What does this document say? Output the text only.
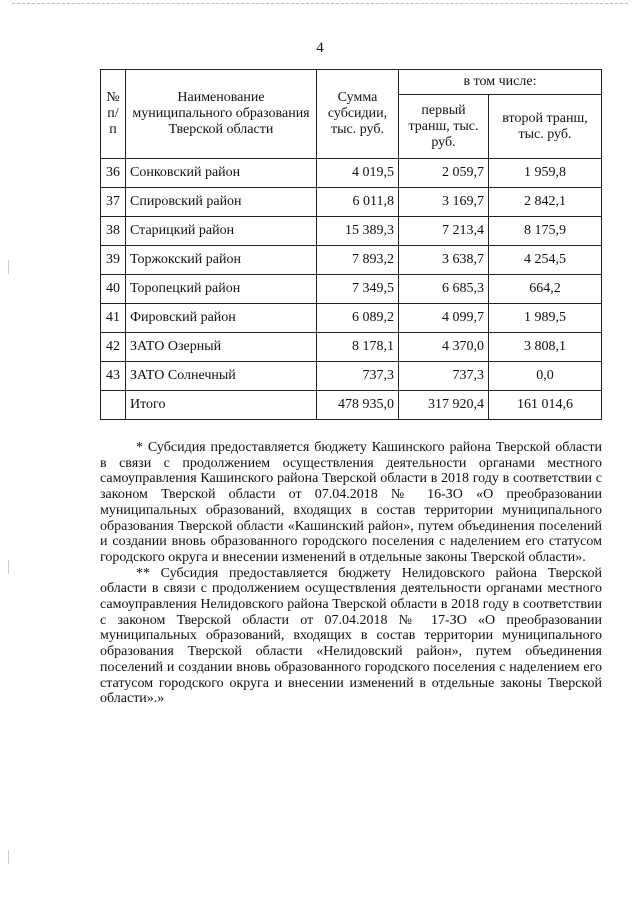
4
№ п/п	Наименование муниципального образования Тверской области	Сумма субсидии, тыс. руб.	в том числе:	
			первый транш, тыс. руб.	второй транш, тыс. руб.
36	Сонковский район	4 019,5	2 059,7	1 959,8
37	Спировский район	6 011,8	3 169,7	2 842,1
38	Старицкий район	15 389,3	7 213,4	8 175,9
39	Торжокский район	7 893,2	3 638,7	4 254,5
40	Торопецкий район	7 349,5	6 685,3	664,2
41	Фировский район	6 089,2	4 099,7	1 989,5
42	ЗАТО Озерный	8 178,1	4 370,0	3 808,1
43	ЗАТО Солнечный	737,3	737,3	0,0
	Итого	478 935,0	317 920,4	161 014,6

* Субсидия предоставляется бюджету Кашинского района Тверской области в связи с продолжением осуществления деятельности органами местного самоуправления Кашинского района Тверской области в 2018 году в соответствии с законом Тверской области от 07.04.2018 № 16-ЗО «О преобразовании муниципальных образований, входящих в состав территории муниципального образования Тверской области «Кашинский район», путем объединения поселений и создании вновь образованного городского поселения с наделением его статусом городского округа и внесении изменений в отдельные законы Тверской области».

** Субсидия предоставляется бюджету Нелидовского района Тверской области в связи с продолжением осуществления деятельности органами местного самоуправления Нелидовского района Тверской области в 2018 году в соответствии с законом Тверской области от 07.04.2018 № 17-ЗО «О преобразовании муниципальных образований, входящих в состав территории муниципального образования Тверской области «Нелидовский район», путем объединения поселений и создании вновь образованного городского поселения с наделением его статусом городского округа и внесении изменений в отдельные законы Тверской области».»
